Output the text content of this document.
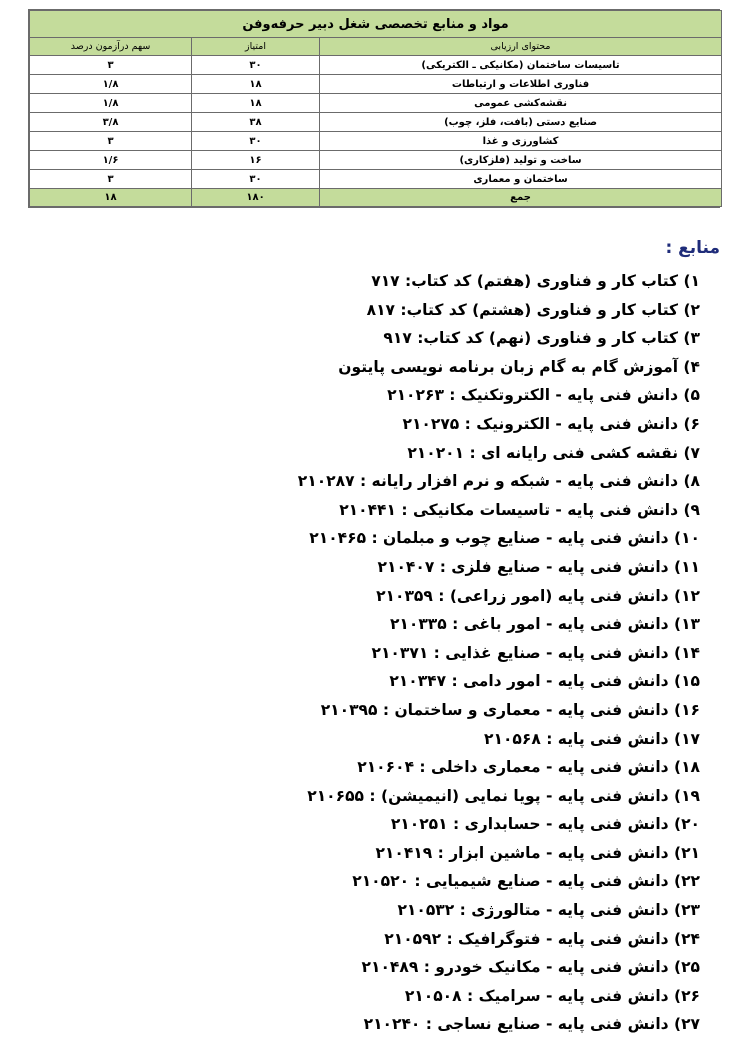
مواد و منابع تخصصی شغل دبیر حرفه‌وفن		
محتوای ارزیابی	امتیاز	سهم درآزمون درصد
تاسیسات ساختمان (مکانیکی ـ الکتریکی)	۳۰	۳
فناوری اطلاعات و ارتباطات	۱۸	۱/۸
نقشه‌کشی عمومی	۱۸	۱/۸
صنایع دستی (بافت، فلز، چوب)	۳۸	۳/۸
کشاورزی و غذا	۳۰	۳
ساخت و تولید (فلزکاری)	۱۶	۱/۶
ساختمان و معماری	۳۰	۳
جمع	۱۸۰	۱۸
منابع :
۱) کتاب کار و فناوری (هفتم) کد کتاب: ۷۱۷
۲) کتاب کار و فناوری (هشتم) کد کتاب: ۸۱۷
۳) کتاب کار و فناوری (نهم) کد کتاب: ۹۱۷
۴) آموزش گام به گام زبان برنامه نویسی پایتون
۵) دانش فنی پایه - الکتروتکنیک : ۲۱۰۲۶۳
۶) دانش فنی پایه - الکترونیک : ۲۱۰۲۷۵
۷) نقشه کشی فنی رایانه ای : ۲۱۰۲۰۱
۸) دانش فنی پایه - شبکه و نرم افزار رایانه : ۲۱۰۲۸۷
۹) دانش فنی پایه - تاسیسات مکانیکی : ۲۱۰۴۴۱
۱۰) دانش فنی پایه - صنایع چوب و مبلمان : ۲۱۰۴۶۵
۱۱) دانش فنی پایه - صنایع فلزی : ۲۱۰۴۰۷
۱۲) دانش فنی پایه (امور زراعی) : ۲۱۰۳۵۹
۱۳) دانش فنی پایه - امور باغی : ۲۱۰۳۳۵
۱۴) دانش فنی پایه - صنایع غذایی : ۲۱۰۳۷۱
۱۵) دانش فنی پایه - امور دامی : ۲۱۰۳۴۷
۱۶) دانش فنی پایه - معماری و ساختمان : ۲۱۰۳۹۵
۱۷) دانش فنی پایه : ۲۱۰۵۶۸
۱۸) دانش فنی پایه - معماری داخلی : ۲۱۰۶۰۴
۱۹) دانش فنی پایه - پویا نمایی (انیمیشن) : ۲۱۰۶۵۵
۲۰) دانش فنی پایه - حسابداری : ۲۱۰۲۵۱
۲۱) دانش فنی پایه - ماشین ابزار : ۲۱۰۴۱۹
۲۲) دانش فنی پایه - صنایع شیمیایی : ۲۱۰۵۲۰
۲۳) دانش فنی پایه - متالورژی : ۲۱۰۵۳۲
۲۴) دانش فنی پایه - فتوگرافیک : ۲۱۰۵۹۲
۲۵) دانش فنی پایه - مکانیک خودرو : ۲۱۰۴۸۹
۲۶) دانش فنی پایه - سرامیک : ۲۱۰۵۰۸
۲۷) دانش فنی پایه - صنایع نساجی : ۲۱۰۲۴۰
